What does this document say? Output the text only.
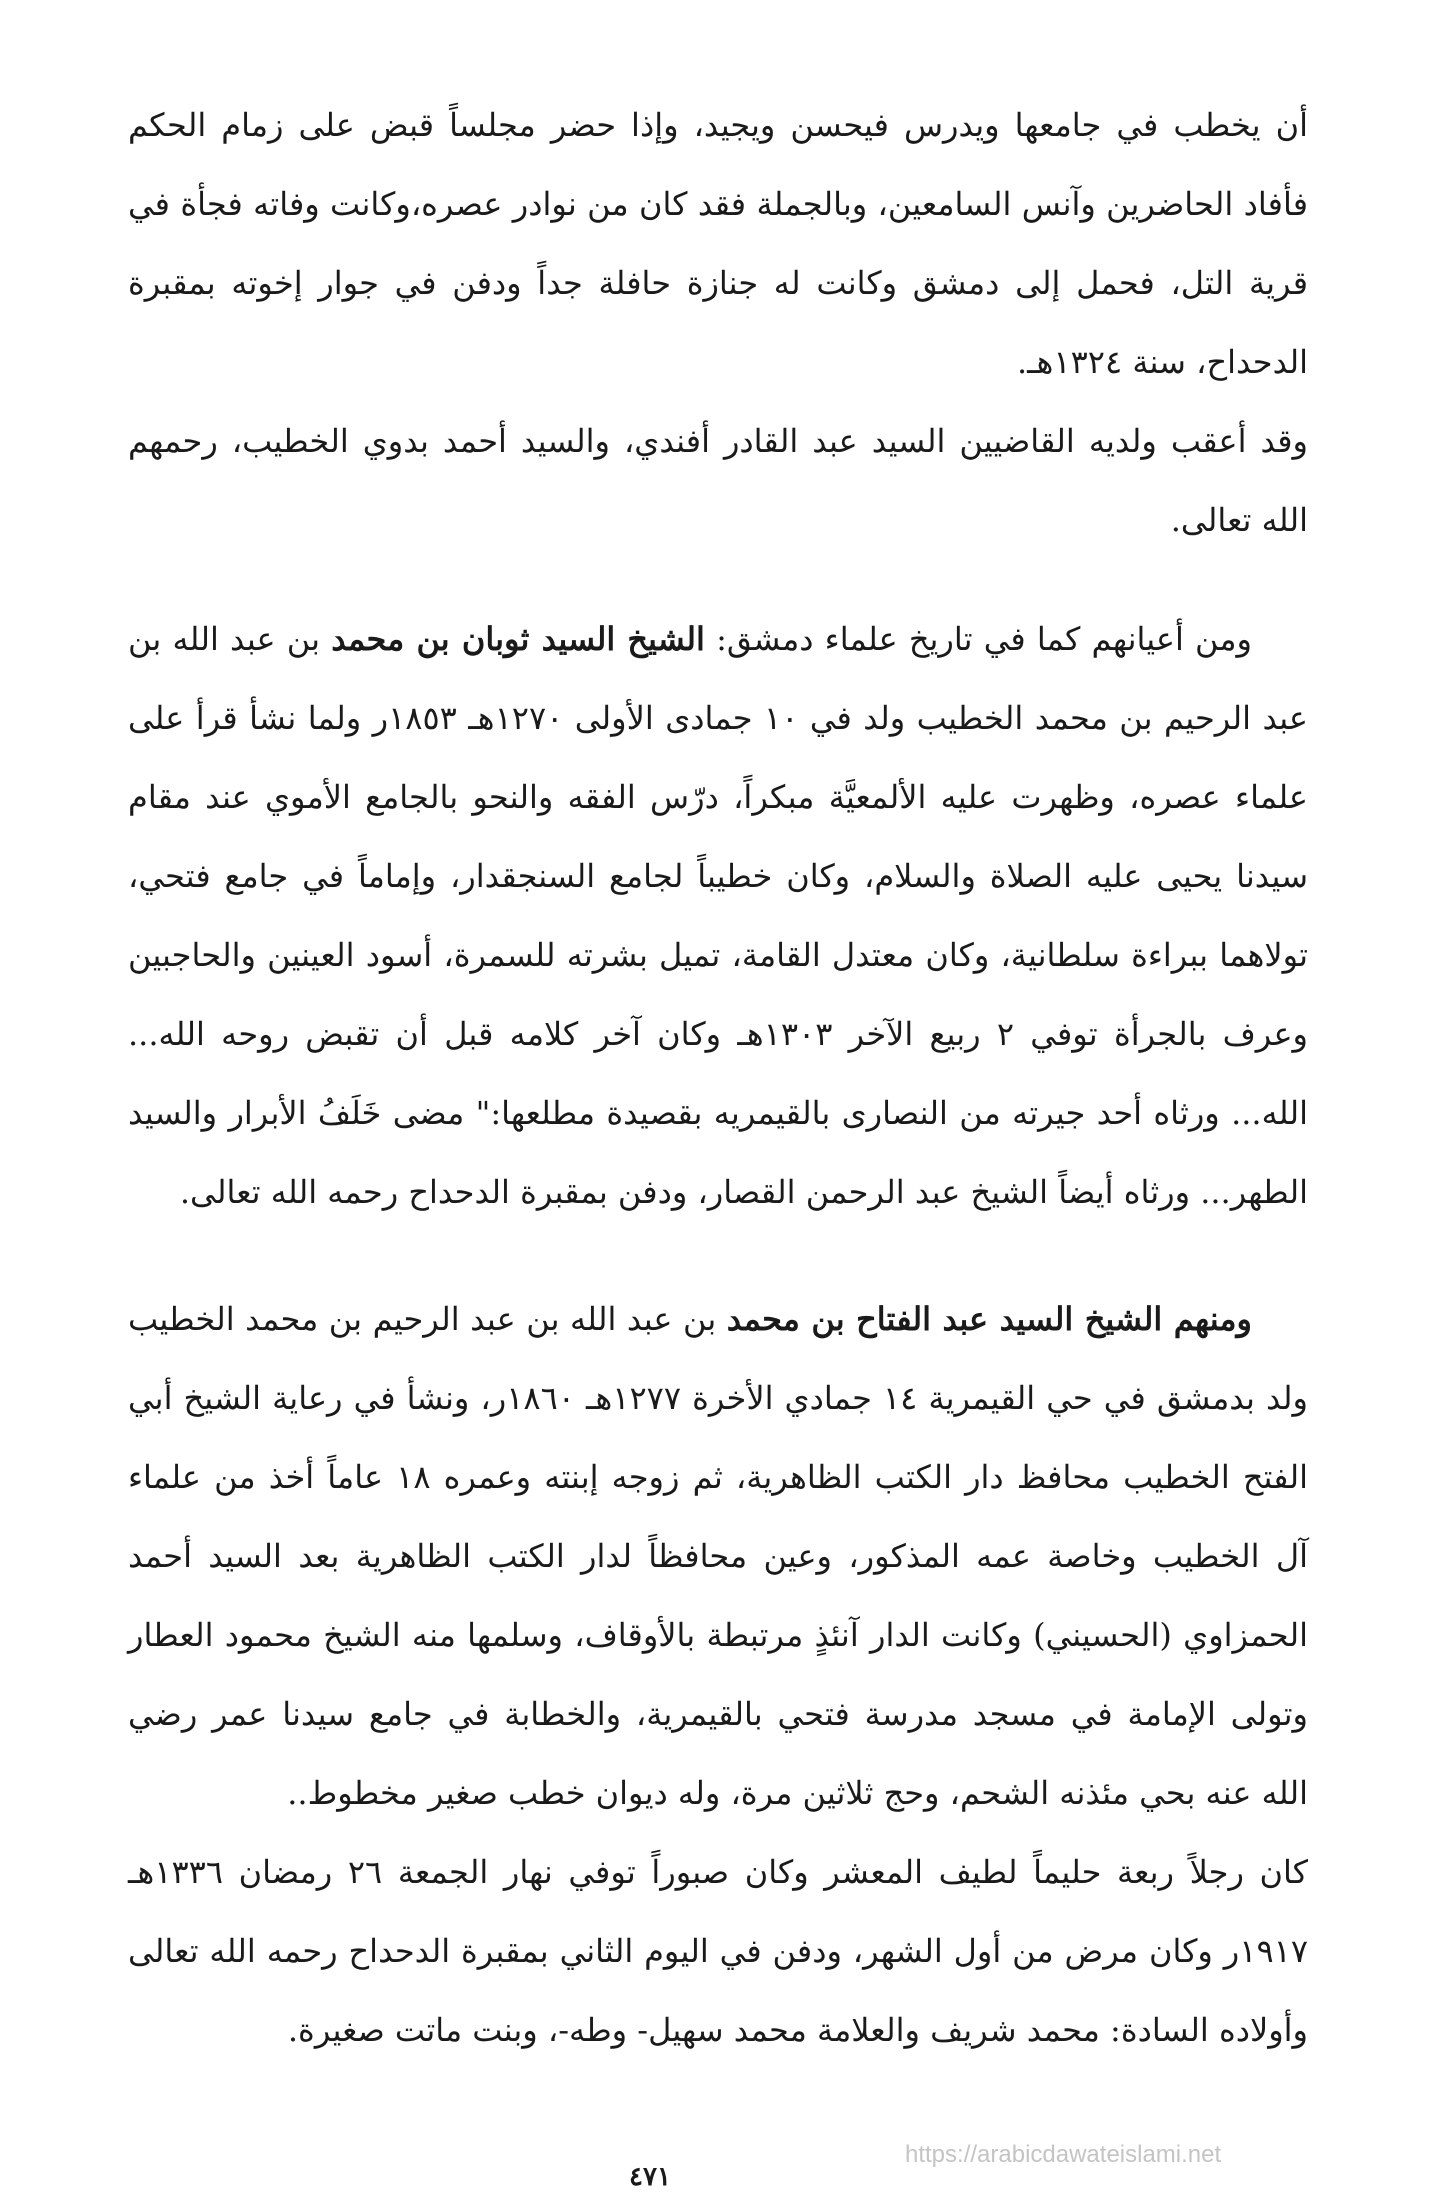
أن يخطب في جامعها ويدرس فيحسن ويجيد، وإذا حضر مجلساً قبض على زمام الحكم فأفاد الحاضرين وآنس السامعين، وبالجملة فقد كان من نوادر عصره،وكانت وفاته فجأة في قرية التل، فحمل إلى دمشق وكانت له جنازة حافلة جداً ودفن في جوار إخوته بمقبرة الدحداح، سنة ١٣٢٤هـ.

وقد أعقب ولديه القاضيين السيد عبد القادر أفندي، والسيد أحمد بدوي الخطيب، رحمهم الله تعالى.

ومن أعيانهم كما في تاريخ علماء دمشق: الشيخ السيد ثوبان بن محمد بن عبد الله بن عبد الرحيم بن محمد الخطيب ولد في ١٠ جمادى الأولى ١٢٧٠هـ ١٨٥٣ر ولما نشأ قرأ على علماء عصره، وظهرت عليه الألمعيَّة مبكراً، درّس الفقه والنحو بالجامع الأموي عند مقام سيدنا يحيى عليه الصلاة والسلام، وكان خطيباً لجامع السنجقدار، وإماماً في جامع فتحي، تولاهما ببراءة سلطانية، وكان معتدل القامة، تميل بشرته للسمرة، أسود العينين والحاجبين وعرف بالجرأة توفي ٢ ربيع الآخر ١٣٠٣هـ وكان آخر كلامه قبل أن تقبض روحه الله... الله... ورثاه أحد جيرته من النصارى بالقيمريه بقصيدة مطلعها:" مضى خَلَفُ الأبرار والسيد الطهر... ورثاه أيضاً الشيخ عبد الرحمن القصار، ودفن بمقبرة الدحداح رحمه الله تعالى.

ومنهم الشيخ السيد عبد الفتاح بن محمد بن عبد الله بن عبد الرحيم بن محمد الخطيب ولد بدمشق في حي القيمرية ١٤ جمادي الأخرة ١٢٧٧هـ ١٨٦٠ر، ونشأ في رعاية الشيخ أبي الفتح الخطيب محافظ دار الكتب الظاهرية، ثم زوجه إبنته وعمره ١٨ عاماً أخذ من علماء آل الخطيب وخاصة عمه المذكور، وعين محافظاً لدار الكتب الظاهرية بعد السيد أحمد الحمزاوي (الحسيني) وكانت الدار آنئذٍ مرتبطة بالأوقاف، وسلمها منه الشيخ محمود العطار وتولى الإمامة في مسجد مدرسة فتحي بالقيمرية، والخطابة في جامع سيدنا عمر رضي الله عنه بحي مئذنه الشحم، وحج ثلاثين مرة، وله ديوان خطب صغير مخطوط..

كان رجلاً ربعة حليماً لطيف المعشر وكان صبوراً توفي نهار الجمعة ٢٦ رمضان ١٣٣٦هـ ١٩١٧ر وكان مرض من أول الشهر، ودفن في اليوم الثاني بمقبرة الدحداح رحمه الله تعالى وأولاده السادة: محمد شريف والعلامة محمد سهيل- وطه-، وبنت ماتت صغيرة.

https://arabicdawateislami.net
٤٧١
